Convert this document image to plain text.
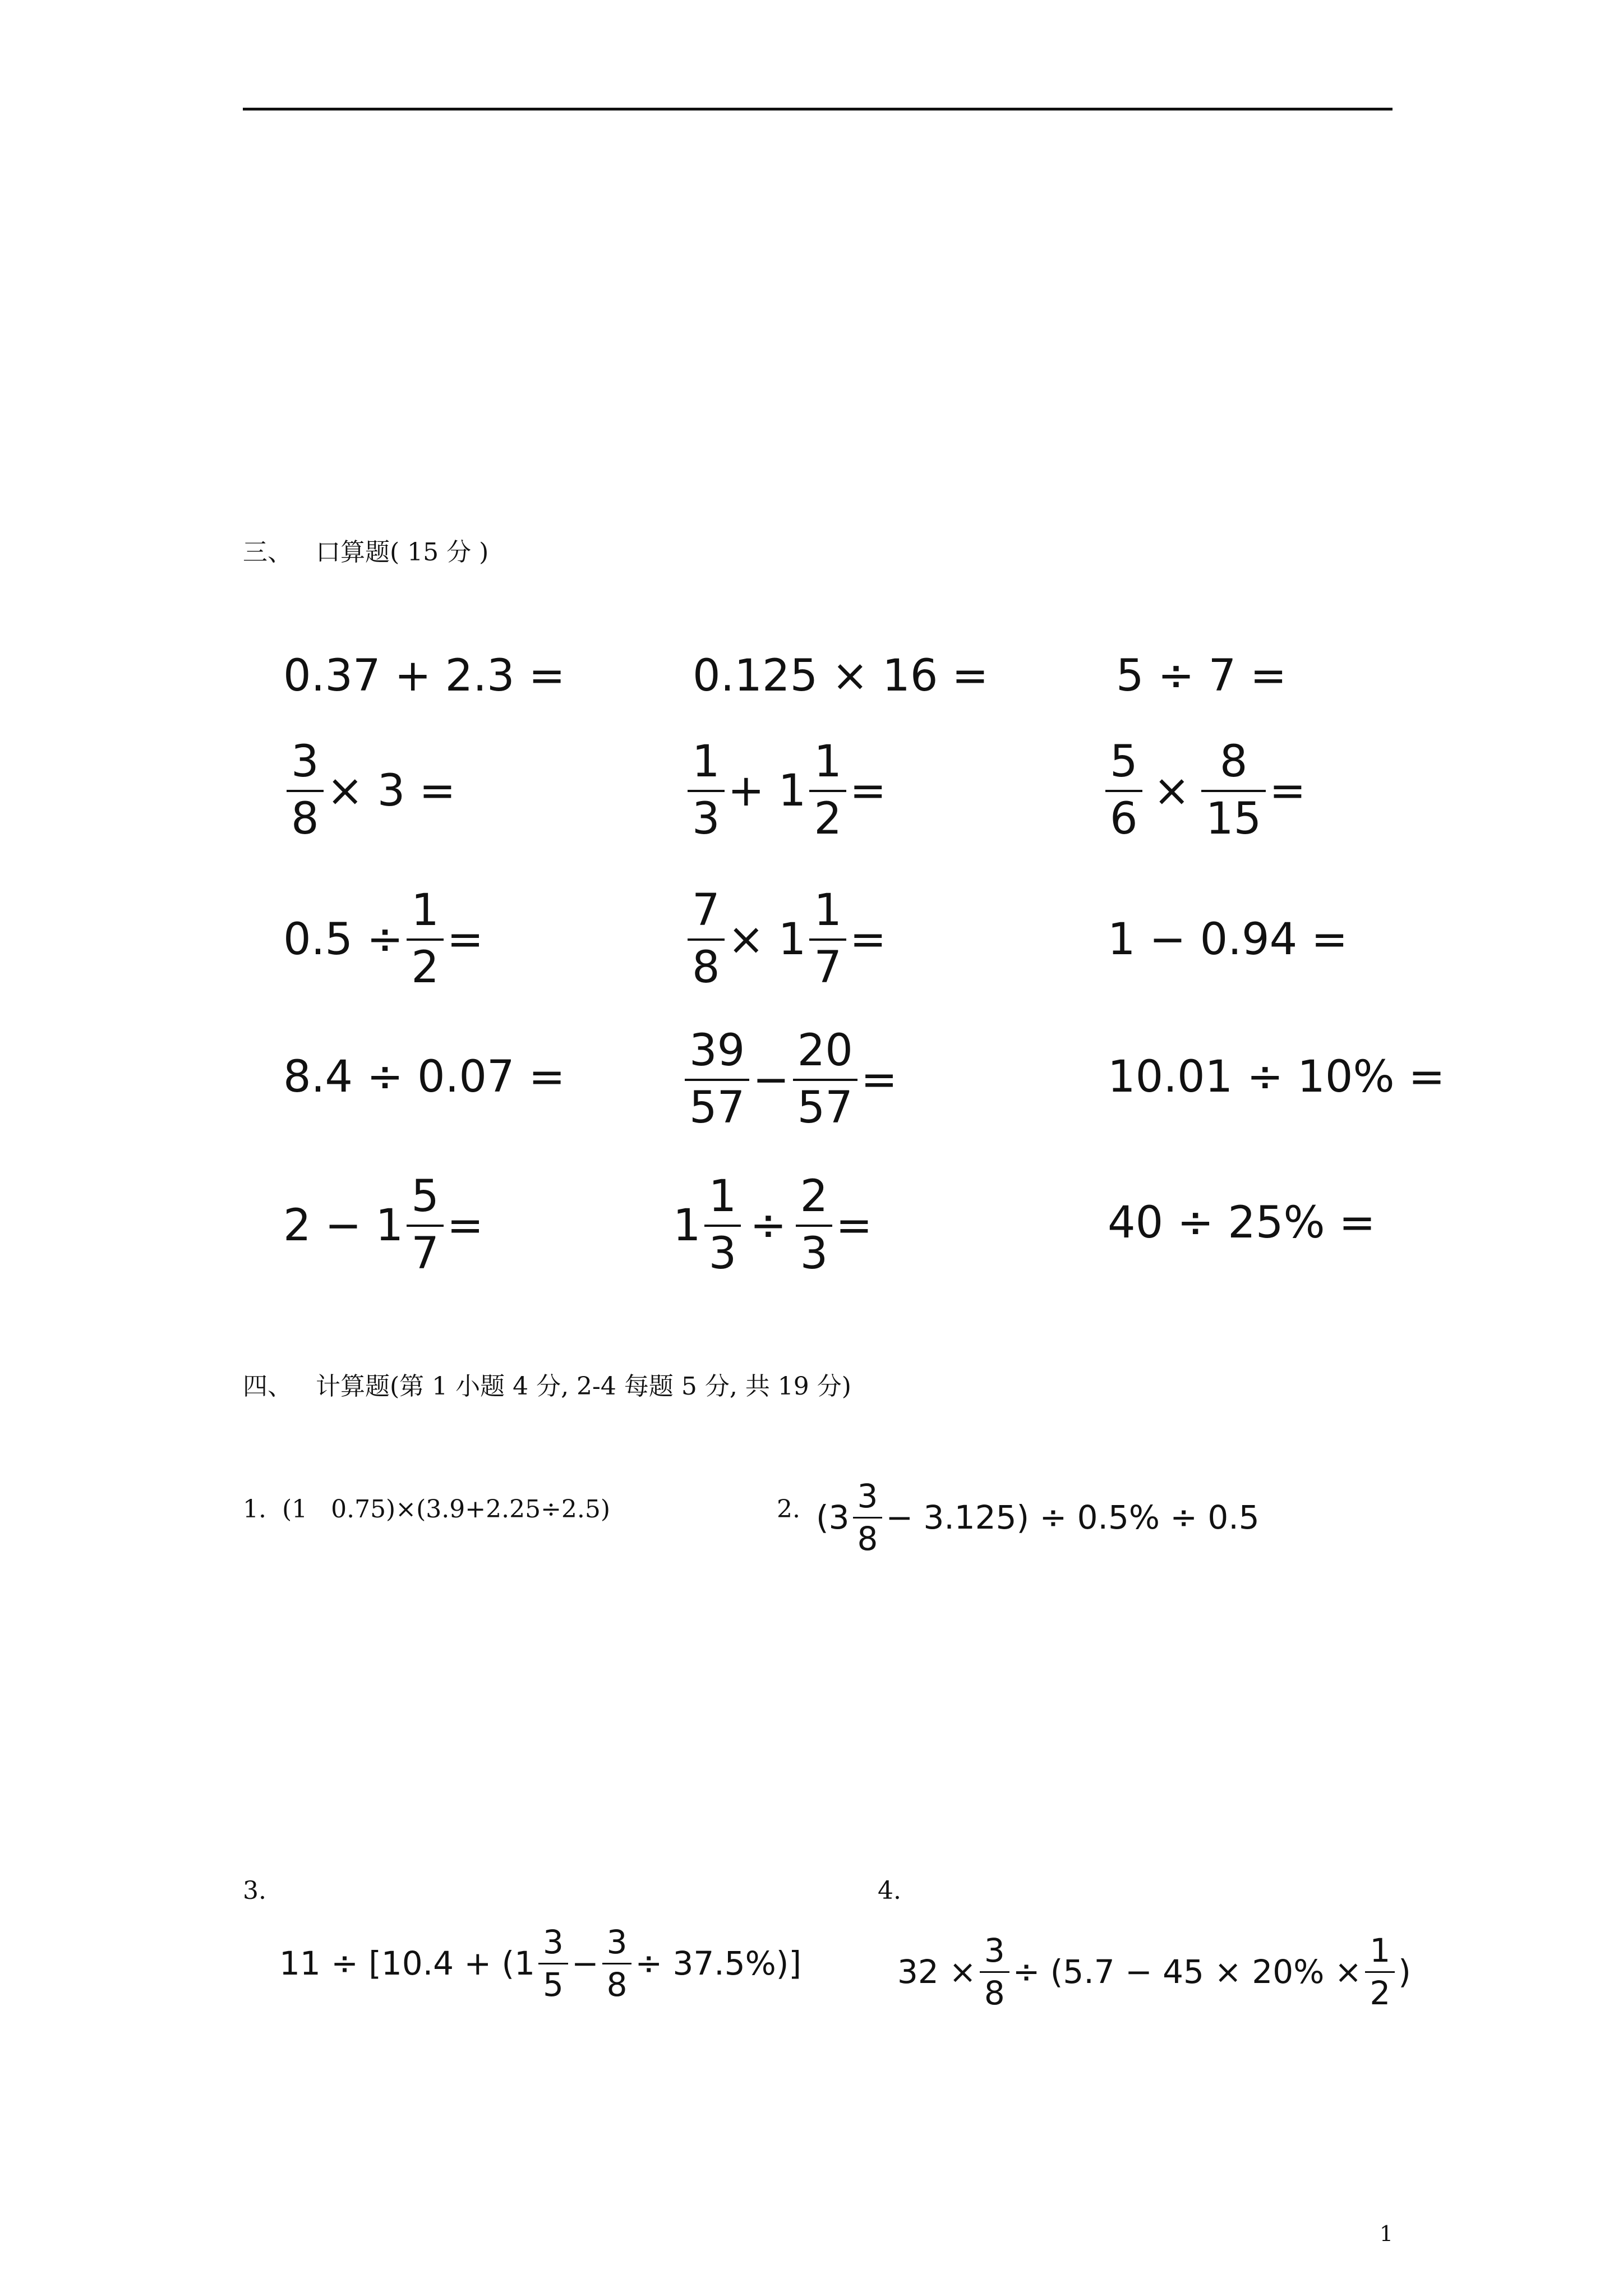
三、 口算题( 15 分 )
0.37 + 2.3 =	0.125 × 16 =	5 ÷ 7 =
$\frac{3}{8} \times 3$ =	$\frac{1}{3} + 1 \frac{1}{2}$ =	$\frac{5}{6} \times \frac{8}{15}$ =
$0.5 \div \frac{1}{2}$ =	$\frac{7}{8} \times 1 \frac{1}{7}$ =	1 − 0.94 =
8.4 ÷ 0.07 =	$\frac{39}{57} - \frac{20}{57}$ =	10.01 ÷ 10% =
$2 - 1 \frac{5}{7}$ =	$1 \frac{1}{3} \div \frac{2}{3}$ =	40 ÷ 25% =
四、 计算题(第 1 小题 4 分, 2-4 每题 5 分, 共 19 分)
1. (1   0.75)×(3.9+2.25÷2.5)	2. $(3 \frac{3}{8} - 3.125) \div 0.5\% \div 0.5$
3.
$11 \div [10.4 + (1 \frac{3}{5} - \frac{3}{8} \div 37.5\%)]$
4.
$32 \times \frac{3}{8} \div (5.7 - 45 \times 20\% \times \frac{1}{2}$ )
1
